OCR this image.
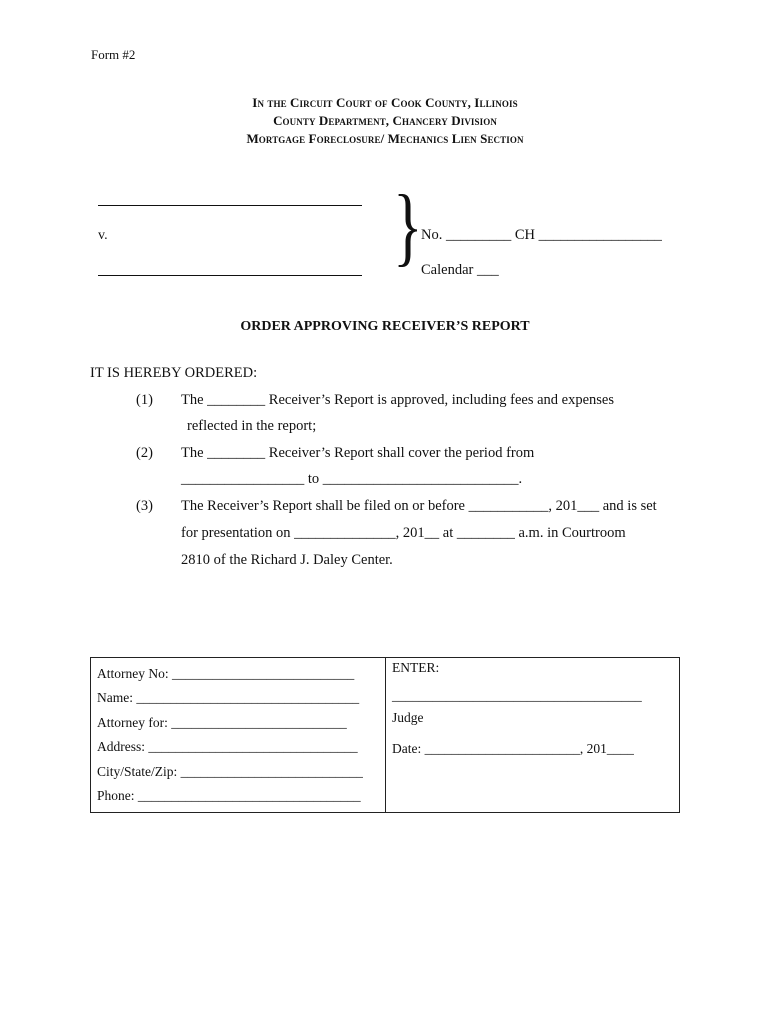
Form #2
In the Circuit Court of Cook County, Illinois
County Department, Chancery Division
Mortgage Foreclosure/ Mechanics Lien Section
v.	}
No. _________ CH _________________
Calendar ___
ORDER APPROVING RECEIVER’S REPORT
IT IS HEREBY ORDERED:
(1) The ________ Receiver’s Report is approved, including fees and expenses
reflected in the report;
(2) The ________ Receiver’s Report shall cover the period from
_________________ to ___________________________.
(3) The Receiver’s Report shall be filed on or before ___________, 201___ and is set
for presentation on ______________, 201__ at ________ a.m. in Courtroom
2810 of the Richard J. Daley Center.
Attorney No: ___________________________
Name: _________________________________
Attorney for: __________________________
Address: _______________________________
City/State/Zip: ___________________________
Phone: _________________________________
ENTER:
_____________________________________
Judge
Date: _______________________, 201____
